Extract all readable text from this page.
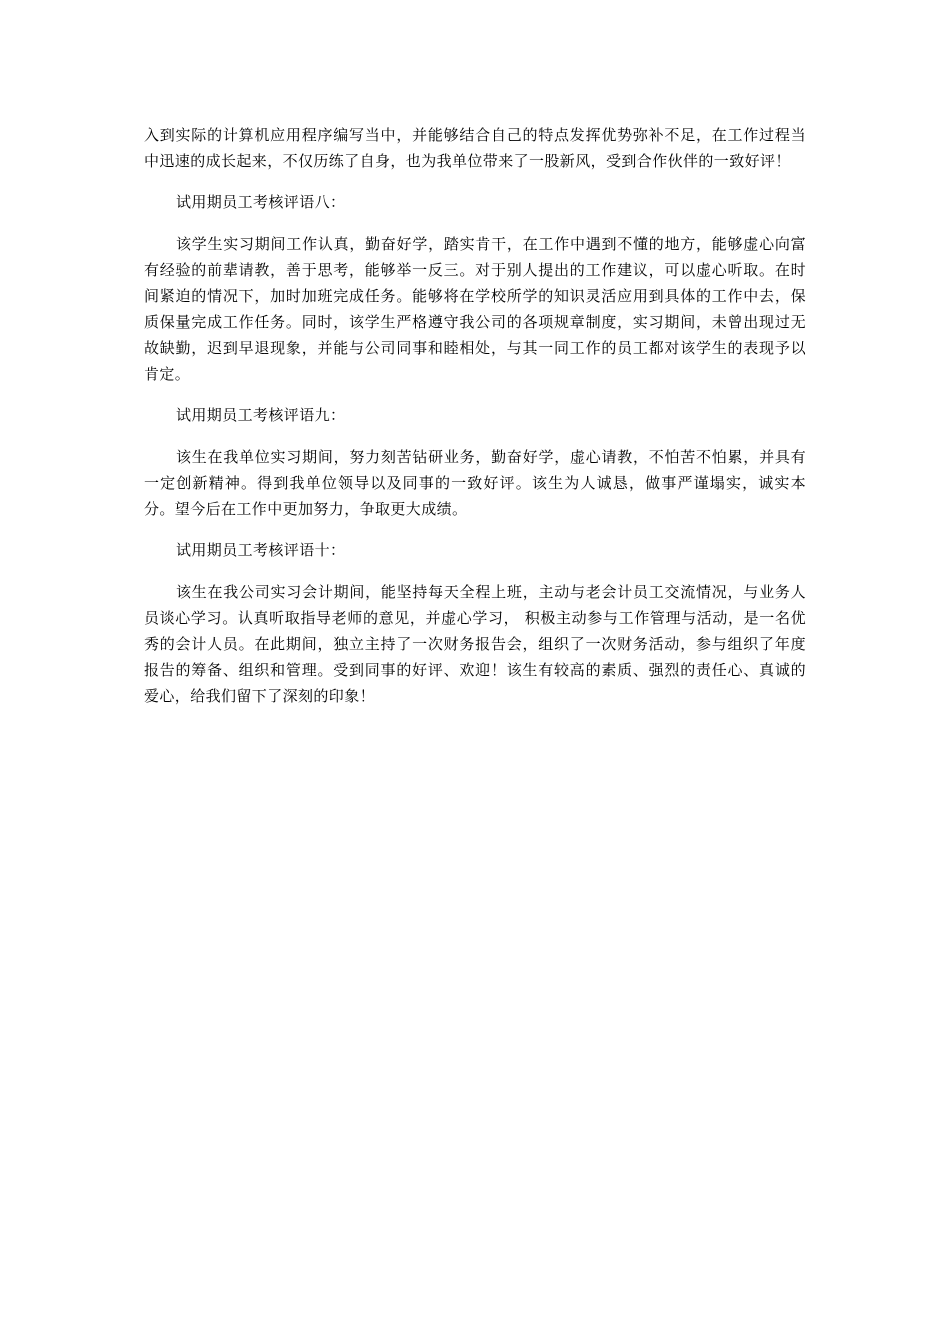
入到实际的计算机应用程序编写当中，并能够结合自己的特点发挥优势弥补不足，在工作过程当中迅速的成长起来，不仅历练了自身，也为我单位带来了一股新风，受到合作伙伴的一致好评！

试用期员工考核评语八：

该学生实习期间工作认真，勤奋好学，踏实肯干，在工作中遇到不懂的地方，能够虚心向富有经验的前辈请教，善于思考，能够举一反三。对于别人提出的工作建议，可以虚心听取。在时间紧迫的情况下，加时加班完成任务。能够将在学校所学的知识灵活应用到具体的工作中去，保质保量完成工作任务。同时，该学生严格遵守我公司的各项规章制度，实习期间，未曾出现过无故缺勤，迟到早退现象，并能与公司同事和睦相处，与其一同工作的员工都对该学生的表现予以肯定。

试用期员工考核评语九：

该生在我单位实习期间，努力刻苦钻研业务，勤奋好学，虚心请教，不怕苦不怕累，并具有一定创新精神。得到我单位领导以及同事的一致好评。该生为人诚恳，做事严谨塌实，诚实本分。望今后在工作中更加努力，争取更大成绩。

试用期员工考核评语十：

该生在我公司实习会计期间，能坚持每天全程上班，主动与老会计员工交流情况，与业务人员谈心学习。认真听取指导老师的意见，并虚心学习， 积极主动参与工作管理与活动，是一名优秀的会计人员。在此期间，独立主持了一次财务报告会，组织了一次财务活动，参与组织了年度报告的筹备、组织和管理。受到同事的好评、欢迎！该生有较高的素质、强烈的责任心、真诚的爱心，给我们留下了深刻的印象！
